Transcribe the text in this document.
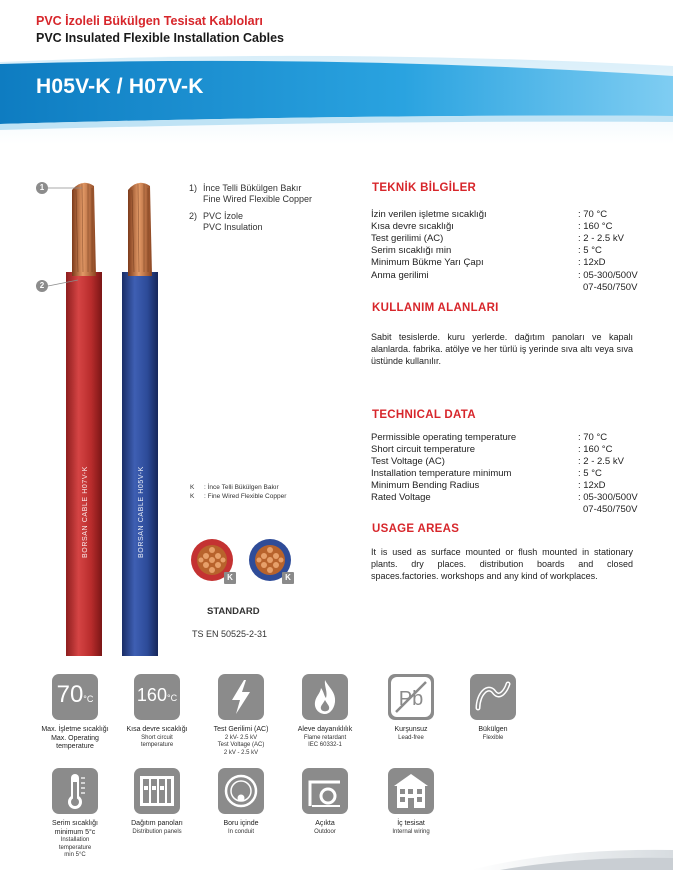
PVC İzoleli Bükülgen Tesisat Kabloları
PVC Insulated Flexible Installation Cables
H05V-K / H07V-K
1
2
BORSAN CABLE H07V-K	BORSAN CABLE H05V-K
1) İnce Telli Bükülgen Bakır
Fine Wired Flexible Copper
2) PVC İzole
PVC Insulation
K : İnce Telli Bükülgen Bakır
K : Fine Wired Flexible Copper
K	K
STANDARD
TS EN 50525-2-31
TEKNİK BİLGİLER
İzin verilen işletme sıcaklığı	: 70 °C
Kısa devre sıcaklığı	: 160 °C
Test gerilimi (AC)	: 2 - 2.5 kV
Serim sıcaklığı min	: 5 °C
Minimum Bükme Yarı Çapı	: 12xD
Anma gerilimi	: 05-300/500V
07-450/750V
KULLANIM ALANLARI
Sabit tesislerde. kuru yerlerde. dağıtım panoları ve kapalı alanlarda. fabrika. atölye ve her türlü iş yerinde sıva altı veya sıva üstünde kullanılır.
TECHNICAL DATA
Permissible operating temperature	: 70 °C
Short circuit temperature	: 160 °C
Test Voltage (AC)	: 2 - 2.5 kV
Installation temperature minimum	: 5 °C
Minimum Bending Radius	: 12xD
Rated Voltage	: 05-300/500V
07-450/750V
USAGE AREAS
It is used as surface mounted or flush mounted in stationary plants. dry places. distribution boards and closed spaces.factories. workshops and any kind of workplaces.
70°C
Max. İşletme sıcaklığı
Max. Operating
temperature
160°C
Kısa devre sıcaklığı
Short circuit
temperature
Test Gerilimi (AC)
2 kV- 2.5 kV
Test Voltage (AC)
2 kV - 2.5 kV
Aleve dayanıklılık
Flame retardant
IEC 60332-1
Pb
Kurşunsuz
Lead-free
Bükülgen
Flexible
Serim sıcaklığı
minimum 5°c
Installation
temperature
min 5°C
Dağıtım panoları
Distribution panels
Boru içinde
In conduit
Açıkta
Outdoor
İç tesisat
Internal wiring
